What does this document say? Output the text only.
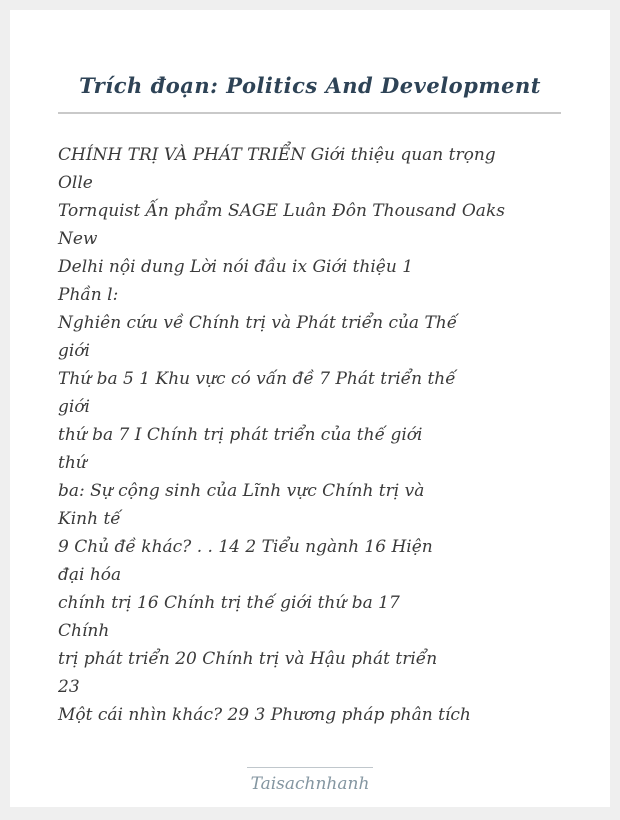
Trích đoạn: Politics And Development
CHÍNH TRỊ VÀ PHÁT TRIỂN Giới thiệu quan trọng
Olle
Tornquist Ấn phẩm SAGE Luân Đôn Thousand Oaks
New
Delhi nội dung Lời nói đầu ix Giới thiệu 1
Phần l:
Nghiên cứu về Chính trị và Phát triển của Thế
giới
Thứ ba 5 1 Khu vực có vấn đề 7 Phát triển thế
giới
thứ ba 7 I Chính trị phát triển của thế giới
thứ
ba: Sự cộng sinh của Lĩnh vực Chính trị và
Kinh tế
9 Chủ đề khác? . . 14 2 Tiểu ngành 16 Hiện
đại hóa
chính trị 16 Chính trị thế giới thứ ba 17
Chính
trị phát triển 20 Chính trị và Hậu phát triển
23
Một cái nhìn khác? 29 3 Phương pháp phân tích
Taisachnhanh
